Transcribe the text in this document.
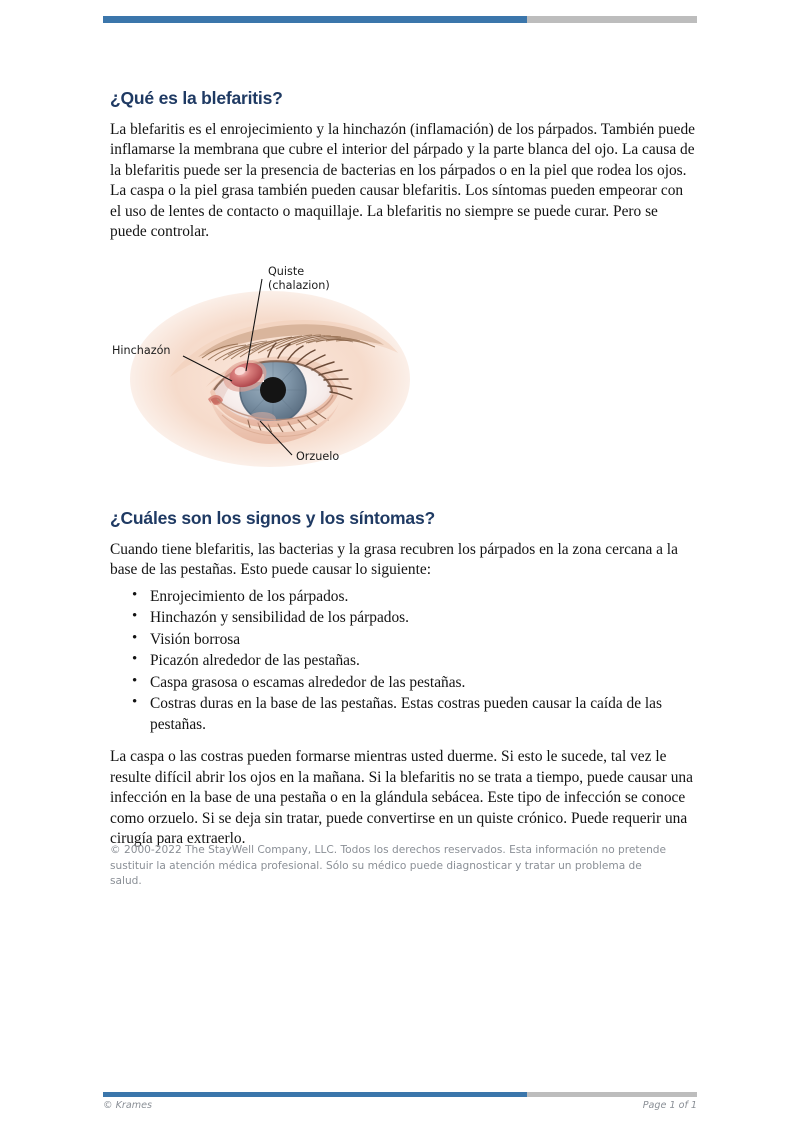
¿Qué es la blefaritis?

La blefaritis es el enrojecimiento y la hinchazón (inflamación) de los párpados. También puede inflamarse la membrana que cubre el interior del párpado y la parte blanca del ojo. La causa de la blefaritis puede ser la presencia de bacterias en los párpados o en la piel que rodea los ojos. La caspa o la piel grasa también pueden causar blefaritis. Los síntomas pueden empeorar con el uso de lentes de contacto o maquillaje. La blefaritis no siempre se puede curar. Pero se puede controlar.

Quiste
(chalazion)
Hinchazón
Orzuelo
¿Cuáles son los signos y los síntomas?

Cuando tiene blefaritis, las bacterias y la grasa recubren los párpados en la zona cercana a la base de las pestañas. Esto puede causar lo siguiente:

• Enrojecimiento de los párpados.
• Hinchazón y sensibilidad de los párpados.
• Visión borrosa
• Picazón alrededor de las pestañas.
• Caspa grasosa o escamas alrededor de las pestañas.
• Costras duras en la base de las pestañas. Estas costras pueden causar la caída de las pestañas.

La caspa o las costras pueden formarse mientras usted duerme. Si esto le sucede, tal vez le resulte difícil abrir los ojos en la mañana. Si la blefaritis no se trata a tiempo, puede causar una infección en la base de una pestaña o en la glándula sebácea. Este tipo de infección se conoce como orzuelo. Si se deja sin tratar, puede convertirse en un quiste crónico. Puede requerir una cirugía para extraerlo.

© 2000-2022 The StayWell Company, LLC. Todos los derechos reservados. Esta información no pretende sustituir la atención médica profesional. Sólo su médico puede diagnosticar y tratar un problema de salud.
© Krames	Page 1 of 1
